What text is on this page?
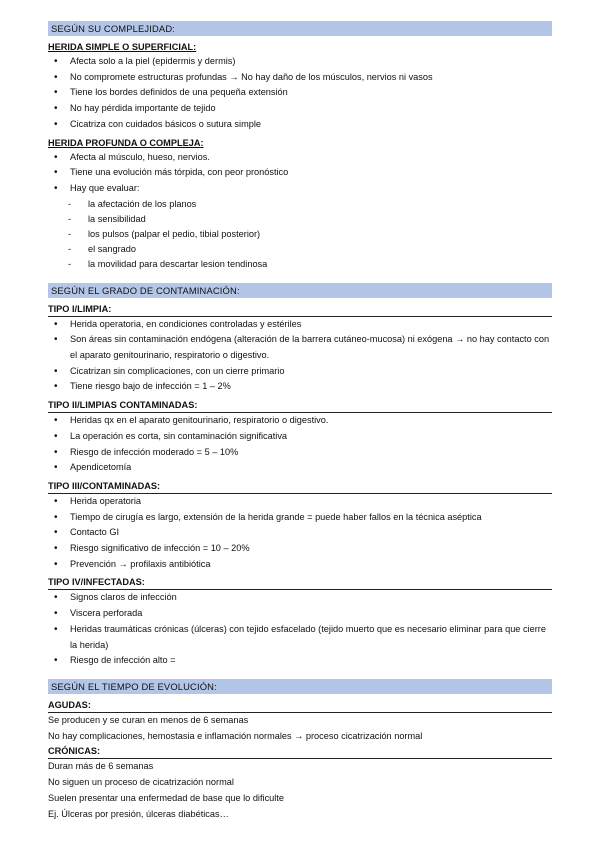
SEGÚN SU COMPLEJIDAD:
HERIDA SIMPLE O SUPERFICIAL:
• Afecta solo a la piel (epidermis y dermis)
• No compromete estructuras profundas → No hay daño de los músculos, nervios ni vasos
• Tiene los bordes definidos de una pequeña extensión
• No hay pérdida importante de tejido
• Cicatriza con cuidados básicos o sutura simple
HERIDA PROFUNDA O COMPLEJA:
• Afecta al músculo, hueso, nervios.
• Tiene una evolución más tórpida, con peor pronóstico
• Hay que evaluar:
- la afectación de los planos
- la sensibilidad
- los pulsos (palpar el pedio, tibial posterior)
- el sangrado
- la movilidad para descartar lesion tendinosa
SEGÚN EL GRADO DE CONTAMINACIÓN:
TIPO I/LIMPIA:
• Herida operatoria, en condiciones controladas y estériles
• Son áreas sin contaminación endógena (alteración de la barrera cutáneo-mucosa) ni exógena → no hay contacto con el aparato genitourinario, respiratorio o digestivo.
• Cicatrizan sin complicaciones, con un cierre primario
• Tiene riesgo bajo de infección = 1 – 2%
TIPO II/LIMPIAS CONTAMINADAS:
• Heridas qx en el aparato genitourinario, respiratorio o digestivo.
• La operación es corta, sin contaminación significativa
• Riesgo de infección moderado = 5 – 10%
• Apendicetomía
TIPO III/CONTAMINADAS:
• Herida operatoria
• Tiempo de cirugía es largo, extensión de la herida grande = puede haber fallos en la técnica aséptica
• Contacto GI
• Riesgo significativo de infección = 10 – 20%
• Prevención → profilaxis antibiótica
TIPO IV/INFECTADAS:
• Signos claros de infección
• Viscera perforada
• Heridas traumáticas crónicas (úlceras) con tejido esfacelado (tejido muerto que es necesario eliminar para que cierre la herida)
• Riesgo de infección alto =
SEGÚN EL TIEMPO DE EVOLUCIÓN:
AGUDAS:
Se producen y se curan en menos de 6 semanas
No hay complicaciones, hemostasia e inflamación normales → proceso cicatrización normal
CRÓNICAS:
Duran más de 6 semanas
No siguen un proceso de cicatrización normal
Suelen presentar una enfermedad de base que lo dificulte
Ej. Úlceras por presión, úlceras diabéticas…
